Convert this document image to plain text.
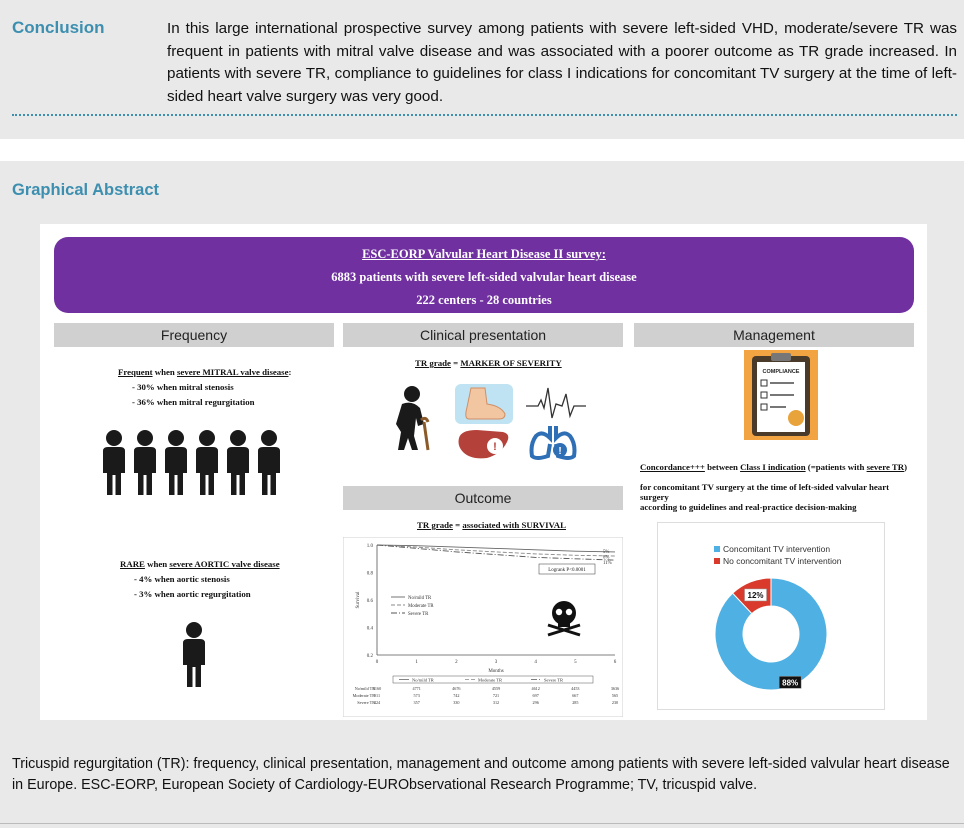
Conclusion	In this large international prospective survey among patients with severe left-sided VHD, moderate/severe TR was frequent in patients with mitral valve disease and was associated with a poorer outcome as TR grade increased. In patients with severe TR, compliance to guidelines for class I indications for concomitant TV surgery at the time of left-sided heart valve surgery was very good.
Graphical Abstract
ESC-EORP Valvular Heart Disease II survey:
6883 patients with severe left-sided valvular heart disease
222 centers - 28 countries
Frequency
Frequent when severe MITRAL valve disease:
- 30% when mitral stenosis
- 36% when mitral regurgitation
RARE when severe AORTIC valve disease
- 4% when aortic stenosis
- 3% when aortic regurgitation
Clinical presentation
TR grade = MARKER OF SEVERITY
!	!
Outcome
TR grade = associated with SURVIVAL
0.2
0.4
0.6
0.8
1.0
0	1	2	3	4	5	6
Survival
Months
5%
No/mild TR
8%
Moderate TR
11%
Severe TR
Logrank P<0.0001
No/mild TR	Moderate TR	Severe TR
No/mild TR
5160	4771	4676	4559	4612	4453	3636
Moderate TR
911	573	742	721	697	667	565
Severe TR
424	357	330	312	296	285	230
Management
COMPLIANCE
Concordance+++ between Class I indication (=patients with severe TR)
for concomitant TV surgery at the time of left-sided valvular heart surgery
according to guidelines and real-practice decision-making
Concomitant TV intervention
No concomitant TV intervention
88%
12%
Tricuspid regurgitation (TR): frequency, clinical presentation, management and outcome among patients with severe left-sided valvular heart disease in Europe. ESC-EORP, European Society of Cardiology-EURObservational Research Programme; TV, tricuspid valve.
